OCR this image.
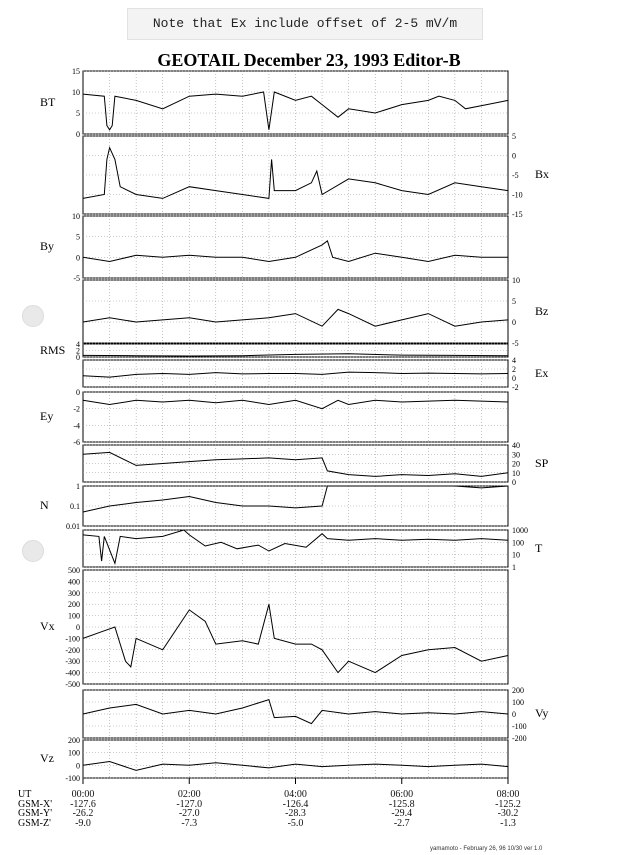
Note that Ex include offset of 2-5 mV/m
GEOTAIL December 23, 1993 Editor-B
0
5
10
15
-15
-10
-5
0
5
-5
0
5
10
-5
0
5
10
0
2
4
-2
0
2
4
-6
-4
-2
0
0
10
20
30
40
0.01
0.1
1
1
10
100
1000
-500
-400
-300
-200
-100
0
100
200
300
400
500
-200
-100
0
100
200
-100
0
100
200
BT
Bx
By
Bz
RMS
Ex
Ey
SP
N
T
Vx
Vy
Vz
UT
GSM-X'
GSM-Y'
GSM-Z'
00:00
-127.6
-26.2
-9.0
02:00
-127.0
-27.0
-7.3
04:00
-126.4
-28.3
-5.0
06:00
-125.8
-29.4
-2.7
08:00
-125.2
-30.2
-1.3
yamamoto - February 26, 96 10/30 ver 1.0
